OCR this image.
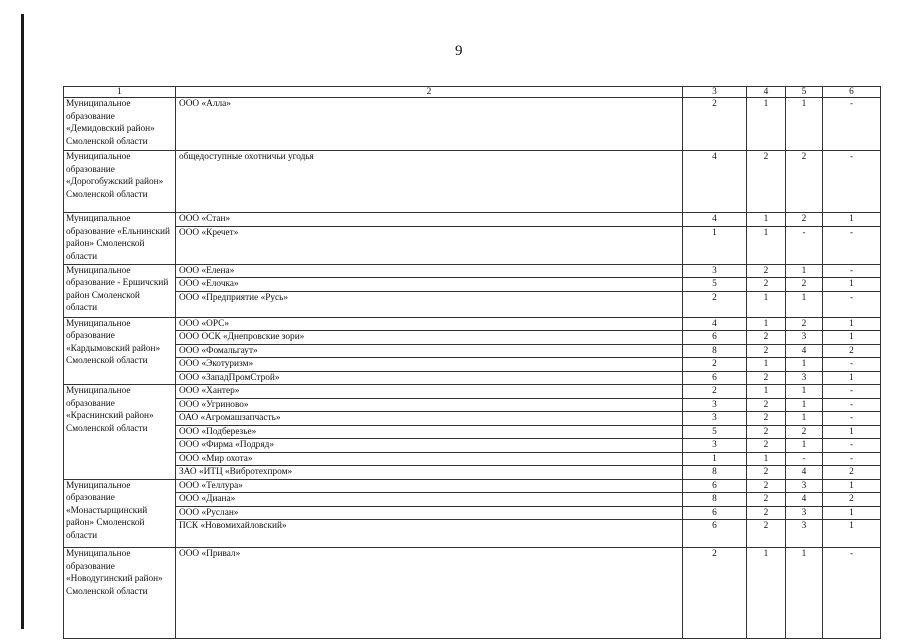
9
1	2	3	4	5	6
Муниципальное образование «Демидовский район» Смоленской области	ООО «Алла»	2	1	1	-
Муниципальное образование «Дорогобужский район» Смоленской области	общедоступные охотничьи угодья	4	2	2	-
Муниципальное образование «Ельнинский район» Смоленской области	ООО «Стан»	4	1	2	1
	ООО «Кречет»	1	1	-	-
Муниципальное образование - Ершичский район Смоленской области	ООО «Елена»	3	2	1	-
	ООО «Елочка»	5	2	2	1
	ООО «Предприятие «Русь»	2	1	1	-
Муниципальное образование «Кардымовский район» Смоленской области	ООО «ОРС»	4	1	2	1
	ООО ОСК «Днепровские зори»	6	2	3	1
	ООО «Фомальгаут»	8	2	4	2
	ООО «Экотуризм»	2	1	1	-
	ООО «ЗападПромСтрой»	6	2	3	1
Муниципальное образование «Краснинский район» Смоленской области	ООО «Хантер»	2	1	1	-
	ООО «Угриново»	3	2	1	-
	ОАО «Агромашзапчасть»	3	2	1	-
	ООО «Подберезье»	5	2	2	1
	ООО «Фирма «Подряд»	3	2	1	-
	ООО «Мир охота»	1	1	-	-
	ЗАО «ИТЦ «Вибротехпром»	8	2	4	2
Муниципальное образование «Монастырщинский район» Смоленской области	ООО «Теллура»	6	2	3	1
	ООО «Диана»	8	2	4	2
	ООО «Руслан»	6	2	3	1
	ПСК «Новомихайловский»	6	2	3	1
Муниципальное образование «Новодугинский район» Смоленской области	ООО «Привал»	2	1	1	-
